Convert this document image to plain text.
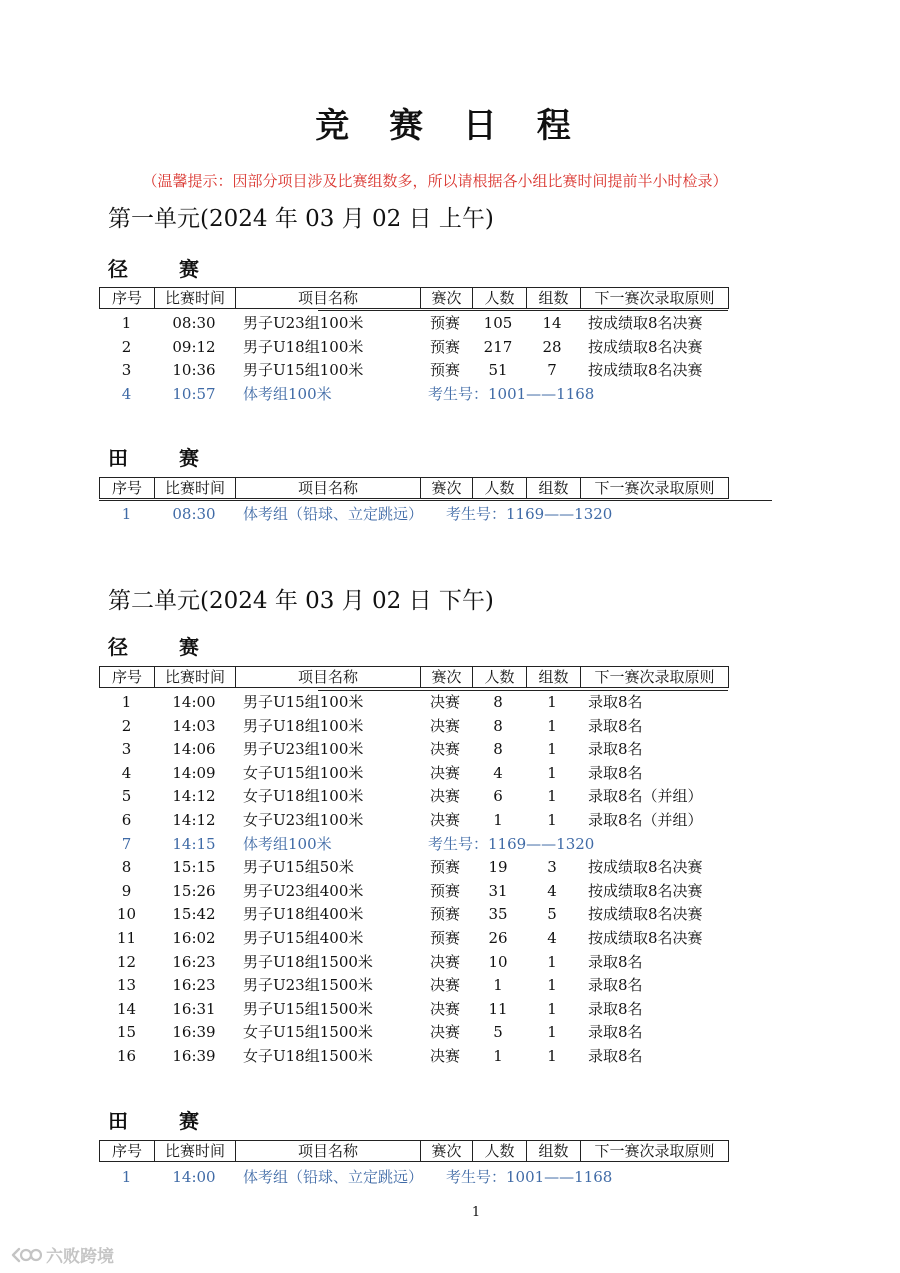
竞 赛 日 程
（温馨提示：因部分项目涉及比赛组数多，所以请根据各小组比赛时间提前半小时检录）
第一单元(2024 年 03 月 02 日 上午)
径 赛
序号	比赛时间	项目名称	赛次	人数	组数	下一赛次录取原则
1	08:30	男子U23组100米	预赛	105	14	按成绩取8名决赛
2	09:12	男子U18组100米	预赛	217	28	按成绩取8名决赛
3	10:36	男子U15组100米	预赛	51	7	按成绩取8名决赛
4	10:57	体考组100米	考生号：1001——1168
田 赛
序号	比赛时间	项目名称	赛次	人数	组数	下一赛次录取原则
1	08:30	体考组（铅球、立定跳远） 考生号：1169——1320
第二单元(2024 年 03 月 02 日 下午)
径 赛
序号	比赛时间	项目名称	赛次	人数	组数	下一赛次录取原则
1	14:00	男子U15组100米	决赛	8	1	录取8名
2	14:03	男子U18组100米	决赛	8	1	录取8名
3	14:06	男子U23组100米	决赛	8	1	录取8名
4	14:09	女子U15组100米	决赛	4	1	录取8名
5	14:12	女子U18组100米	决赛	6	1	录取8名（并组）
6	14:12	女子U23组100米	决赛	1	1	录取8名（并组）
7	14:15	体考组100米	考生号：1169——1320
8	15:15	男子U15组50米	预赛	19	3	按成绩取8名决赛
9	15:26	男子U23组400米	预赛	31	4	按成绩取8名决赛
10	15:42	男子U18组400米	预赛	35	5	按成绩取8名决赛
11	16:02	男子U15组400米	预赛	26	4	按成绩取8名决赛
12	16:23	男子U18组1500米	决赛	10	1	录取8名
13	16:23	男子U23组1500米	决赛	1	1	录取8名
14	16:31	男子U15组1500米	决赛	11	1	录取8名
15	16:39	女子U15组1500米	决赛	5	1	录取8名
16	16:39	女子U18组1500米	决赛	1	1	录取8名
田 赛
序号	比赛时间	项目名称	赛次	人数	组数	下一赛次录取原则
1	14:00	体考组（铅球、立定跳远） 考生号：1001——1168
1
六败跨境
